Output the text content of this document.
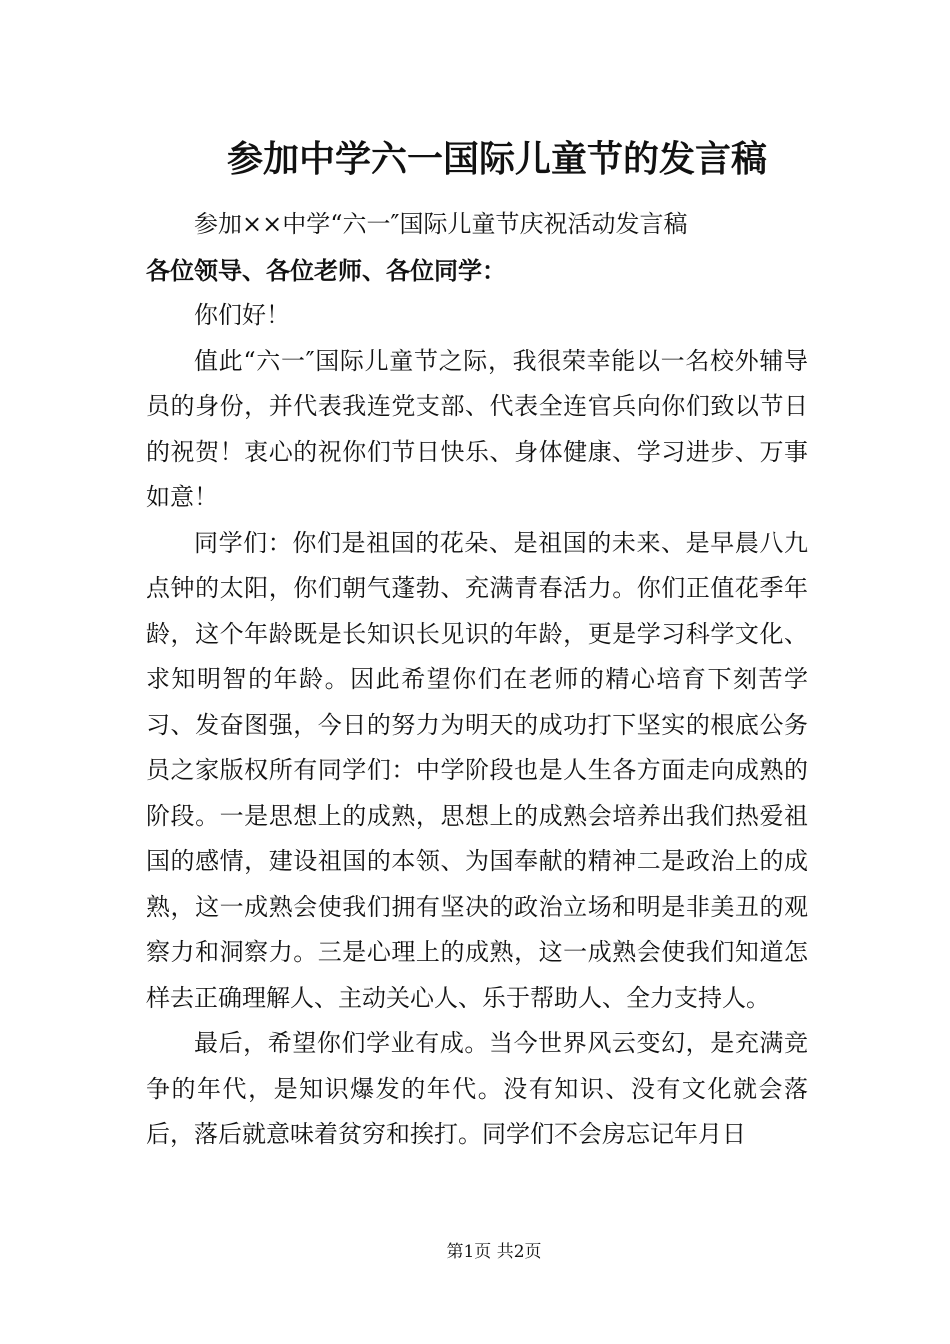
参加中学六一国际儿童节的发言稿

参加××中学“六一″国际儿童节庆祝活动发言稿

各位领导、各位老师、各位同学：

你们好！

值此“六一″国际儿童节之际，我很荣幸能以一名校外辅导员的身份，并代表我连党支部、代表全连官兵向你们致以节日的祝贺！衷心的祝你们节日快乐、身体健康、学习进步、万事如意！

同学们：你们是祖国的花朵、是祖国的未来、是早晨八九点钟的太阳，你们朝气蓬勃、充满青春活力。你们正值花季年龄，这个年龄既是长知识长见识的年龄，更是学习科学文化、求知明智的年龄。因此希望你们在老师的精心培育下刻苦学习、发奋图强，今日的努力为明天的成功打下坚实的根底公务员之家版权所有同学们：中学阶段也是人生各方面走向成熟的阶段。一是思想上的成熟，思想上的成熟会培养出我们热爱祖国的感情，建设祖国的本领、为国奉献的精神二是政治上的成熟，这一成熟会使我们拥有坚决的政治立场和明是非美丑的观察力和洞察力。三是心理上的成熟，这一成熟会使我们知道怎样去正确理解人、主动关心人、乐于帮助人、全力支持人。

最后，希望你们学业有成。当今世界风云变幻，是充满竞争的年代，是知识爆发的年代。没有知识、没有文化就会落后，落后就意味着贫穷和挨打。同学们不会房忘记年月日

第1页 共2页
